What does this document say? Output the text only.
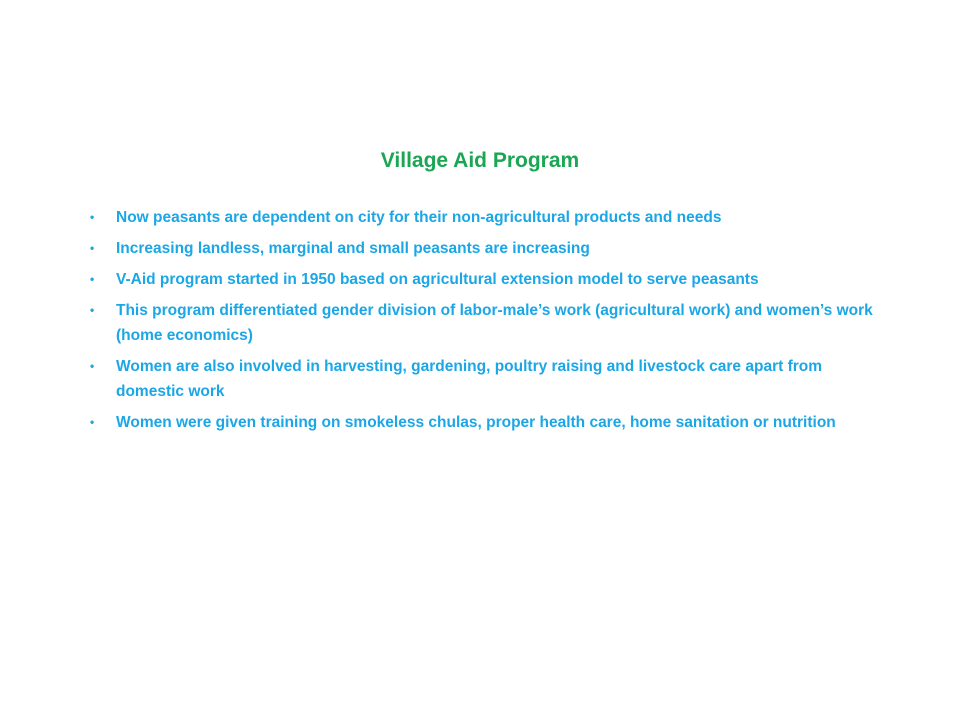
Village Aid Program
•	Now peasants are dependent on city for their non-agricultural products and needs
•	Increasing landless, marginal and small peasants are increasing
•	V-Aid program started in 1950 based on agricultural extension model to serve peasants
•	This program differentiated gender division of labor-male’s work (agricultural work) and women’s work (home economics)
•	Women are also involved in harvesting, gardening, poultry raising and livestock care apart from domestic work
•	Women were given training on smokeless chulas, proper health care, home sanitation or nutrition
